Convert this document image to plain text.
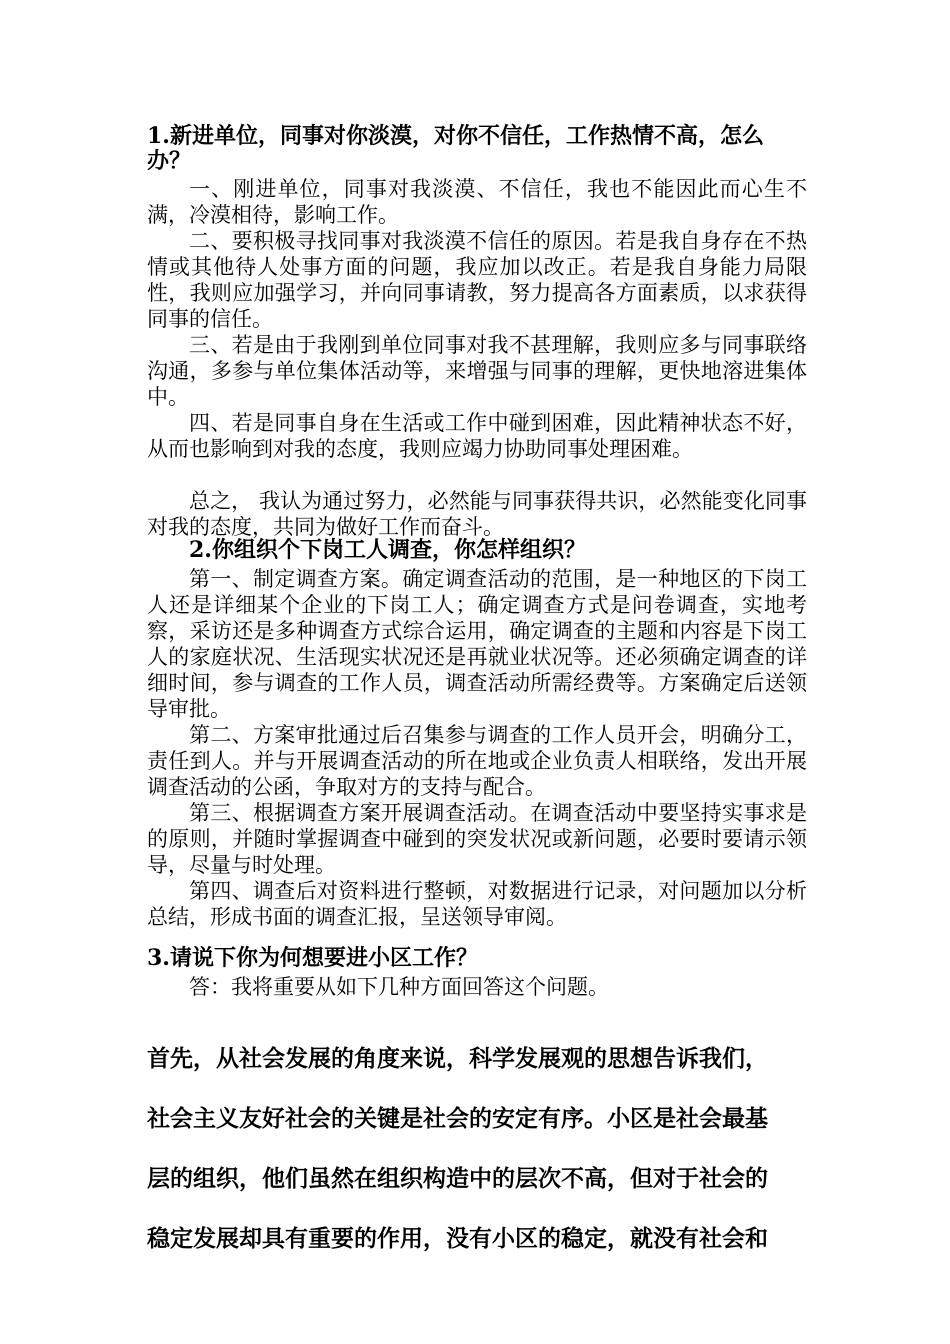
1.新进单位，同事对你淡漠，对你不信任，工作热情不高，怎么办？

一、刚进单位，同事对我淡漠、不信任，我也不能因此而心生不满，冷漠相待，影响工作。

二、要积极寻找同事对我淡漠不信任的原因。若是我自身存在不热情或其他待人处事方面的问题，我应加以改正。若是我自身能力局限性，我则应加强学习，并向同事请教，努力提高各方面素质，以求获得同事的信任。

三、若是由于我刚到单位同事对我不甚理解，我则应多与同事联络沟通，多参与单位集体活动等，来增强与同事的理解，更快地溶进集体中。

四、若是同事自身在生活或工作中碰到困难，因此精神状态不好，从而也影响到对我的态度，我则应竭力协助同事处理困难。

总之， 我认为通过努力，必然能与同事获得共识，必然能变化同事对我的态度，共同为做好工作而奋斗。

2.你组织个下岗工人调查，你怎样组织？

第一、制定调查方案。确定调查活动的范围，是一种地区的下岗工人还是详细某个企业的下岗工人；确定调查方式是问卷调查，实地考察，采访还是多种调查方式综合运用，确定调查的主题和内容是下岗工人的家庭状况、生活现实状况还是再就业状况等。还必须确定调查的详细时间，参与调查的工作人员，调查活动所需经费等。方案确定后送领导审批。

第二、方案审批通过后召集参与调查的工作人员开会，明确分工，责任到人。并与开展调查活动的所在地或企业负责人相联络，发出开展调查活动的公函，争取对方的支持与配合。

第三、根据调查方案开展调查活动。在调查活动中要坚持实事求是的原则，并随时掌握调查中碰到的突发状况或新问题，必要时要请示领导，尽量与时处理。

第四、调查后对资料进行整顿，对数据进行记录，对问题加以分析总结，形成书面的调查汇报，呈送领导审阅。

3.请说下你为何想要进小区工作？

答：我将重要从如下几种方面回答这个问题。

首先，从社会发展的角度来说，科学发展观的思想告诉我们，

社会主义友好社会的关键是社会的安定有序。小区是社会最基

层的组织，他们虽然在组织构造中的层次不高，但对于社会的

稳定发展却具有重要的作用，没有小区的稳定，就没有社会和
